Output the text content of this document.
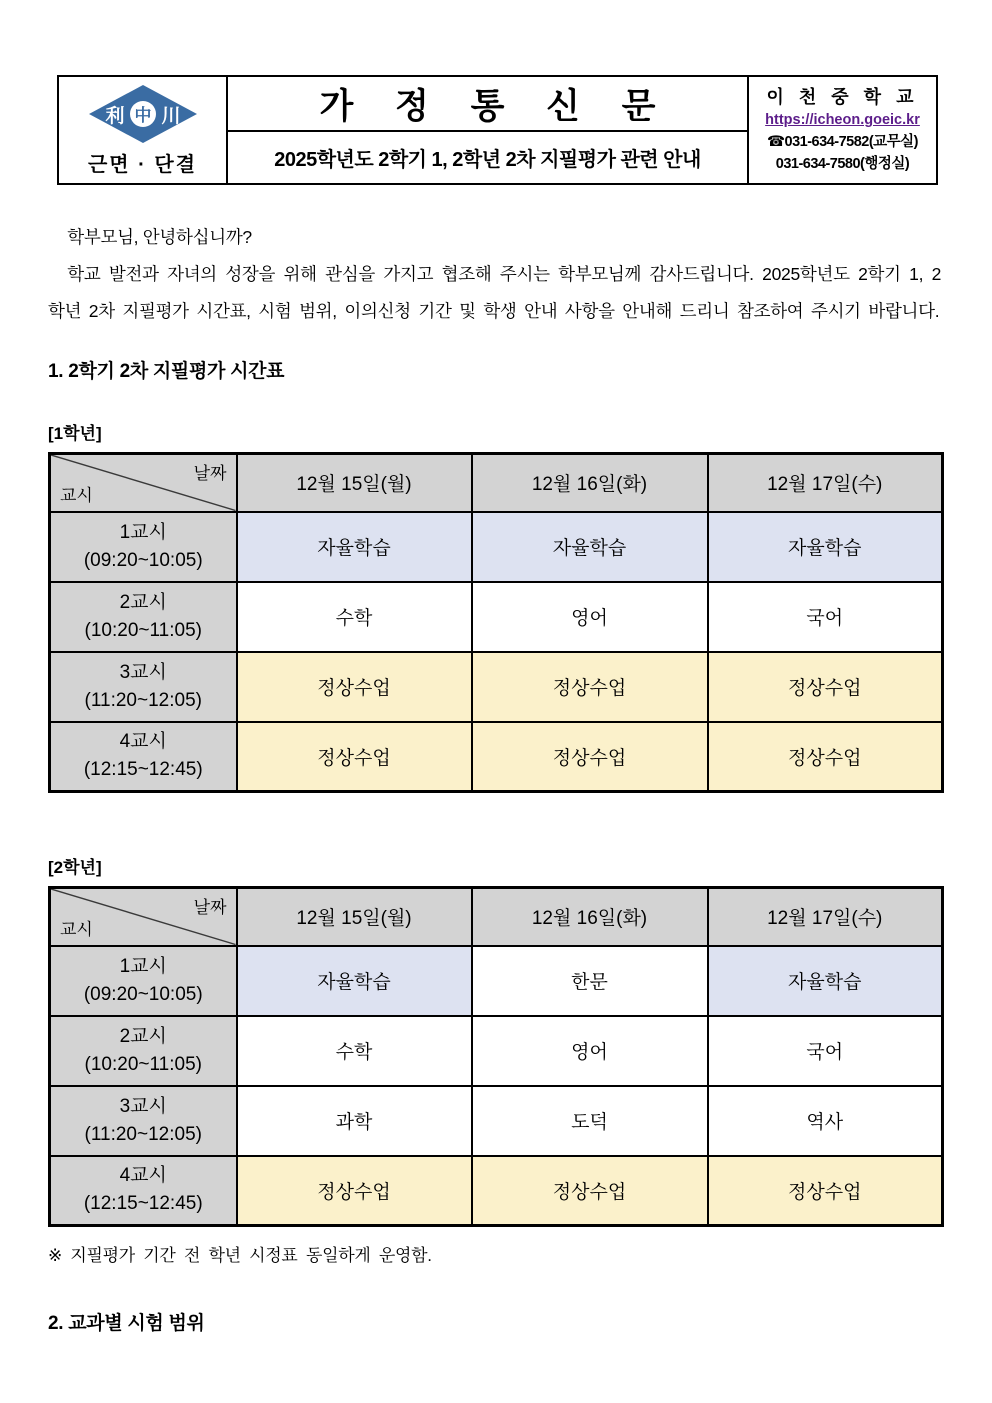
利 中 川
근면 · 단결
가 정 통 신 문
2025학년도 2학기 1, 2학년 2차 지필평가 관련 안내
이 천 중 학 교
https://icheon.goeic.kr
☎031-634-7582(교무실)
031-634-7580(행정실)

학부모님, 안녕하십니까?

학교 발전과 자녀의 성장을 위해 관심을 가지고 협조해 주시는 학부모님께 감사드립니다. 2025학년도 2학기 1, 2학년 2차 지필평가 시간표, 시험 범위, 이의신청 기간 및 학생 안내 사항을 안내해 드리니 참조하여 주시기 바랍니다.

1. 2학기 2차 지필평가 시간표
[1학년]
날짜
교시	12월 15일(월)	12월 16일(화)	12월 17일(수)

1교시
(09:20~10:05)	자율학습	자율학습	자율학습

2교시
(10:20~11:05)	수학	영어	국어

3교시
(11:20~12:05)	정상수업	정상수업	정상수업

4교시
(12:15~12:45)	정상수업	정상수업	정상수업
[2학년]
날짜
교시	12월 15일(월)	12월 16일(화)	12월 17일(수)

1교시
(09:20~10:05)	자율학습	한문	자율학습

2교시
(10:20~11:05)	수학	영어	국어

3교시
(11:20~12:05)	과학	도덕	역사

4교시
(12:15~12:45)	정상수업	정상수업	정상수업
※ 지필평가 기간 전 학년 시정표 동일하게 운영함.
2. 교과별 시험 범위
